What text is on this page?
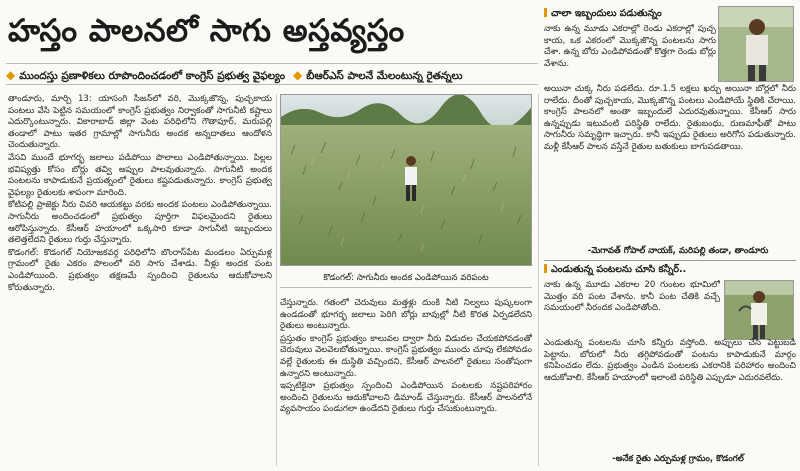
హస్తం పాలనలో సాగు అస్తవ్యస్తం
◆ ముందస్తు ప్రణాళికలు రూపొందించడంలో కాంగ్రెస్ ప్రభుత్వ వైఫల్యం ◆ బీఆర్ఎస్ పాలనే మేలంటున్న రైతన్నలు

తాండూరు, మార్చి 13: యాసంగి సీజన్‌లో వరి, మొక్కజొన్న, పుచ్చకాయ పంటలు వేసి పెట్టిన సమయంలో కాంగ్రెస్ ప్రభుత్వం నిర్వాకంతో సాగునీటి కష్టాలు ఎదుర్కొంటున్నారు. వికారాబాద్ జిల్లా వెంట పరిధిలోని గౌతాపూర్, మరుపల్లి తండాలో పాటు ఇతర గ్రామాల్లో సాగునీరు అందక అన్నదాతలు ఆందోళన చెందుతున్నారు.

వేసవి ముందే భూగర్భ జలాలు పడిపోయి పొలాలు ఎండిపోతున్నాయి. పిల్లల భవిష్యత్తు కోసం బోర్లు తవ్వి అప్పుల పాలవుతున్నారు. సాగునీటి అందక పంటలను కాపాడుకునే ప్రయత్నంలో రైతులు కష్టపడుతున్నారు. కాంగ్రెస్ ప్రభుత్వ వైఫల్యం రైతులకు శాపంగా మారింది.

కోటిపల్లి ప్రాజెక్టు నీరు చివరి ఆయకట్టు వరకు అందక పంటలు ఎండిపోతున్నాయి. సాగునీరు అందించడంలో ప్రభుత్వం పూర్తిగా విఫలమైందని రైతులు ఆరోపిస్తున్నారు. కేసీఆర్ హయాంలో ఒక్కసారి కూడా సాగునీటి ఇబ్బందులు తలెత్తలేదని రైతులు గుర్తు చేస్తున్నారు.

కొడంగల్: కొడంగల్ నియోజకవర్గ పరిధిలోని బొంరాస్‌పేట మండలం ఏర్పుమళ్ల గ్రామంలో రైతు ఎకరం పొలంలో వరి సాగు చేశాడు. నీళ్లు అందక పంట ఎండిపోయింది. ప్రభుత్వం తక్షణమే స్పందించి రైతులను ఆదుకోవాలని కోరుతున్నారు.

కొడంగల్: సాగునీరు అందక ఎండిపోయిన వరిపంట

చేస్తున్నారు. గతంలో చెరువులు మత్తళ్లు దుంకి నీటి నిల్వలు పుష్కలంగా ఉండడంతో భూగర్భ జలాలు పెరిగి బోర్లు బావుల్లో నీటి కొరత ఏర్పడలేదని రైతులు అంటున్నారు.

ప్రస్తుతం కాంగ్రెస్ ప్రభుత్వం కాలువల ద్వారా నీరు విడుదల చేయకపోవడంతో చెరువులు వెలవెలబోతున్నాయి. కాంగ్రెస్ ప్రభుత్వం ముందు చూపు లేకపోవడం వల్లే రైతులకు ఈ దుస్థితి వచ్చిందని, కేసీఆర్ పాలనలో రైతులు సంతోషంగా ఉన్నారని అంటున్నారు.

ఇప్పటికైనా ప్రభుత్వం స్పందించి ఎండిపోయిన పంటలకు నష్టపరిహారం అందించి రైతులను ఆదుకోవాలని డిమాండ్ చేస్తున్నారు. కేసీఆర్ పాలనలోనే వ్యవసాయం పండుగలా ఉండేదని రైతులు గుర్తు చేసుకుంటున్నారు.

చాలా ఇబ్బందులు పడుతున్నం

నాకు ఉన్న మూడు ఎకరాల్లో రెండు ఎకరాల్లో పుచ్చ కాయ, ఒక ఎకరంలో మొక్కజొన్న పంటలను సాగు చేశా. ఉన్న బోరు ఎండిపోవడంతో కొత్తగా రెండు బోర్లు వేశాను.

అయినా చుక్క నీరు పడలేదు. రూ.1.5 లక్షలు ఖర్చు అయినా బోర్లలో నీరు రాలేదు. దీంతో పుచ్చకాయ, మొక్కజొన్న పంటలు ఎండిపోయే స్థితికి చేరాయి. కాంగ్రెస్ పాలనలో అంతా ఇబ్బందులే ఎదురవుతున్నాయి. కేసీఆర్ సారు ఉన్నప్పుడు ఇటువంటి పరిస్థితి రాలేదు. రైతుబంధు, రుణమాఫీతో పాటు సాగునీరు సమృద్ధిగా ఇచ్చారు. కానీ ఇప్పుడు రైతులు అరిగోస పడుతున్నారు. మళ్లీ కేసీఆర్ పాలన వస్తేనే రైతుల బతుకులు బాగుపడతాయి.

-మెగావత్ గోపాల్ నాయక్, మరిపల్లి తండా, తాండూరు
ఎండుతున్న పంటలను చూసి కన్నీర్..

నాకు ఉన్న మూడు ఎకరాల 20 గుంటల భూమిలో మొత్తం వరి పంట వేశాను. కానీ పంట చేతికి వచ్చే సమయంలో నీరందక ఎండిపోతోంది.

ఎండుతున్న పంటలను చూసి కన్నీరు వస్తోంది. అప్పులు చేసి పెట్టుబడి పెట్టాను. బోరులో నీరు తగ్గిపోవడంతో పంటను కాపాడుకునే మార్గం కనిపించడం లేదు. ప్రభుత్వం ఎండిన పంటలకు ఎకరానికి పరిహారం అందించి ఆదుకోవాలి. కేసీఆర్ హయాంలో ఇలాంటి పరిస్థితి ఎప్పుడూ ఎదురవలేదు.

-అనేక రైతు ఎర్పుమళ్ల గ్రామం, కొడంగల్
